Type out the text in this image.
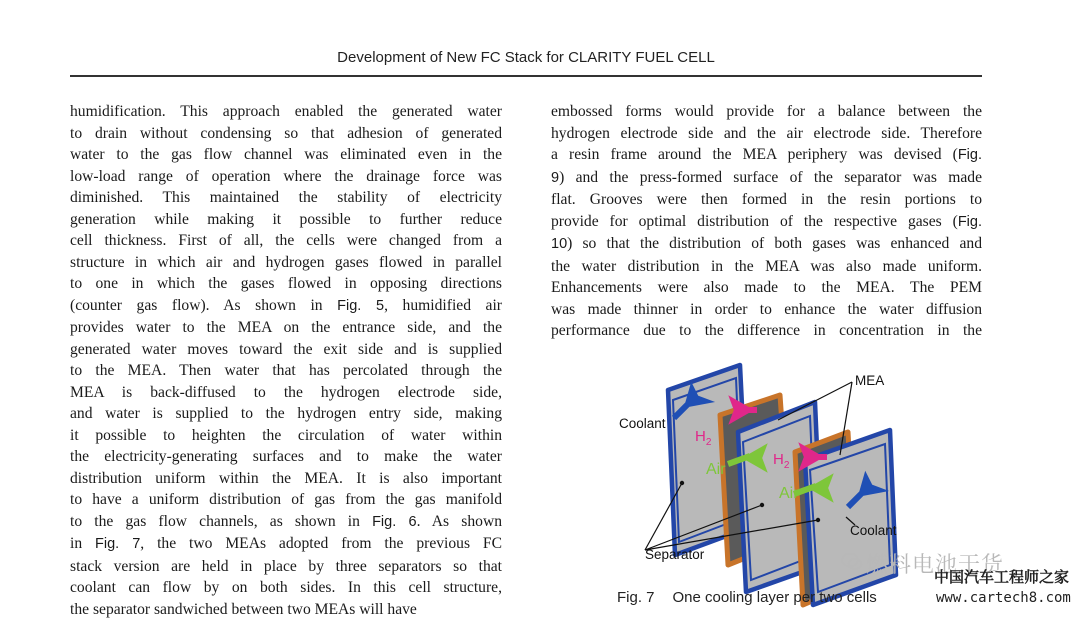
Development of New FC Stack for CLARITY FUEL CELL

humidification. This approach enabled the generated water
to drain without condensing so that adhesion of generated
water to the gas flow channel was eliminated even in the
low-load range of operation where the drainage force was
diminished. This maintained the stability of electricity
generation while making it possible to further reduce
cell thickness. First of all, the cells were changed from a
structure in which air and hydrogen gases flowed in parallel
to one in which the gases flowed in opposing directions
(counter gas flow). As shown in Fig. 5, humidified air
provides water to the MEA on the entrance side, and the
generated water moves toward the exit side and is supplied
to the MEA. Then water that has percolated through the
MEA is back-diffused to the hydrogen electrode side,
and water is supplied to the hydrogen entry side, making
it possible to heighten the circulation of water within
the electricity-generating surfaces and to make the water
distribution uniform within the MEA. It is also important
to have a uniform distribution of gas from the gas manifold
to the gas flow channels, as shown in Fig. 6. As shown
in Fig. 7, the two MEAs adopted from the previous FC
stack version are held in place by three separators so that
coolant can flow by on both sides. In this cell structure,
the separator sandwiched between two MEAs will have

embossed forms would provide for a balance between the
hydrogen electrode side and the air electrode side. Therefore
a resin frame around the MEA periphery was devised (Fig.
9) and the press-formed surface of the separator was made
flat. Grooves were then formed in the resin portions to
provide for optimal distribution of the respective gases (Fig.
10) so that the distribution of both gases was enhanced and
the water distribution in the MEA was also made uniform.
Enhancements were also made to the MEA. The PEM
was made thinner in order to enhance the water diffusion
performance due to the difference in concentration in the

MEA
Coolant
Coolant
Separator
$H_2$
$H_2$
Air
Air
Fig. 7 One cooling layer per two cells
燃料电池干货
中国汽车工程师之家
www.cartech8.com
